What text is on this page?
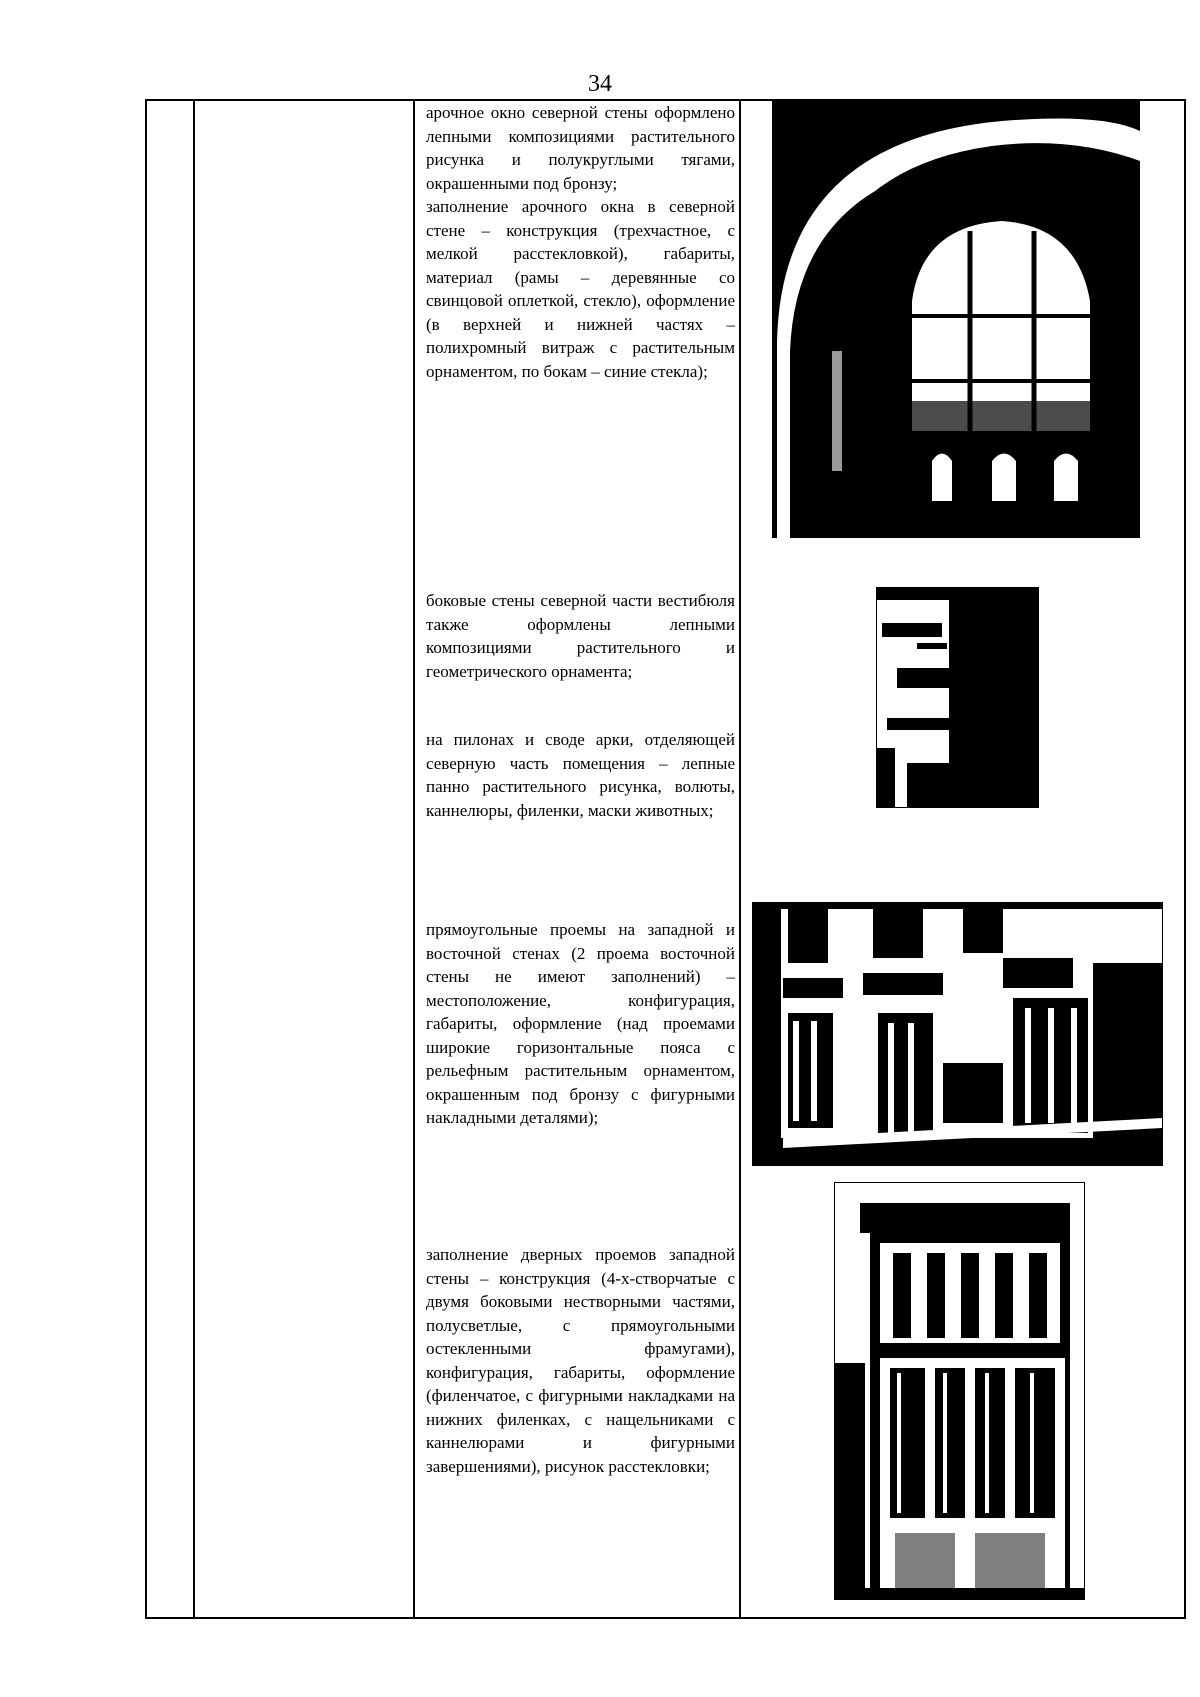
34

арочное окно северной стены оформлено лепными композициями растительного рисунка и полукруглыми тягами, окрашенными под бронзу;

заполнение арочного окна в северной стене – конструкция (трехчастное, с мелкой расстекловкой), габариты, материал (рамы – деревянные со свинцовой оплеткой, стекло), оформление (в верхней и нижней частях – полихромный витраж с растительным орнаментом, по бокам – синие стекла);

боковые стены северной части вестибюля также оформлены лепными композициями растительного и геометрического орнамента;

на пилонах и своде арки, отделяющей северную часть помещения – лепные панно растительного рисунка, волюты, каннелюры, филенки, маски животных;

прямоугольные проемы на западной и восточной стенах (2 проема восточной стены не имеют заполнений) – местоположение, конфигурация, габариты, оформление (над проемами широкие горизонтальные пояса с рельефным растительным орнаментом, окрашенным под бронзу с фигурными накладными деталями);

заполнение дверных проемов западной стены – конструкция (4-х-створчатые с двумя боковыми нестворными частями, полусветлые, с прямоугольными остекленными фрамугами), конфигурация, габариты, оформление (филенчатое, с фигурными накладками на нижних филенках, с нащельниками с каннелюрами и фигурными завершениями), рисунок расстекловки;
